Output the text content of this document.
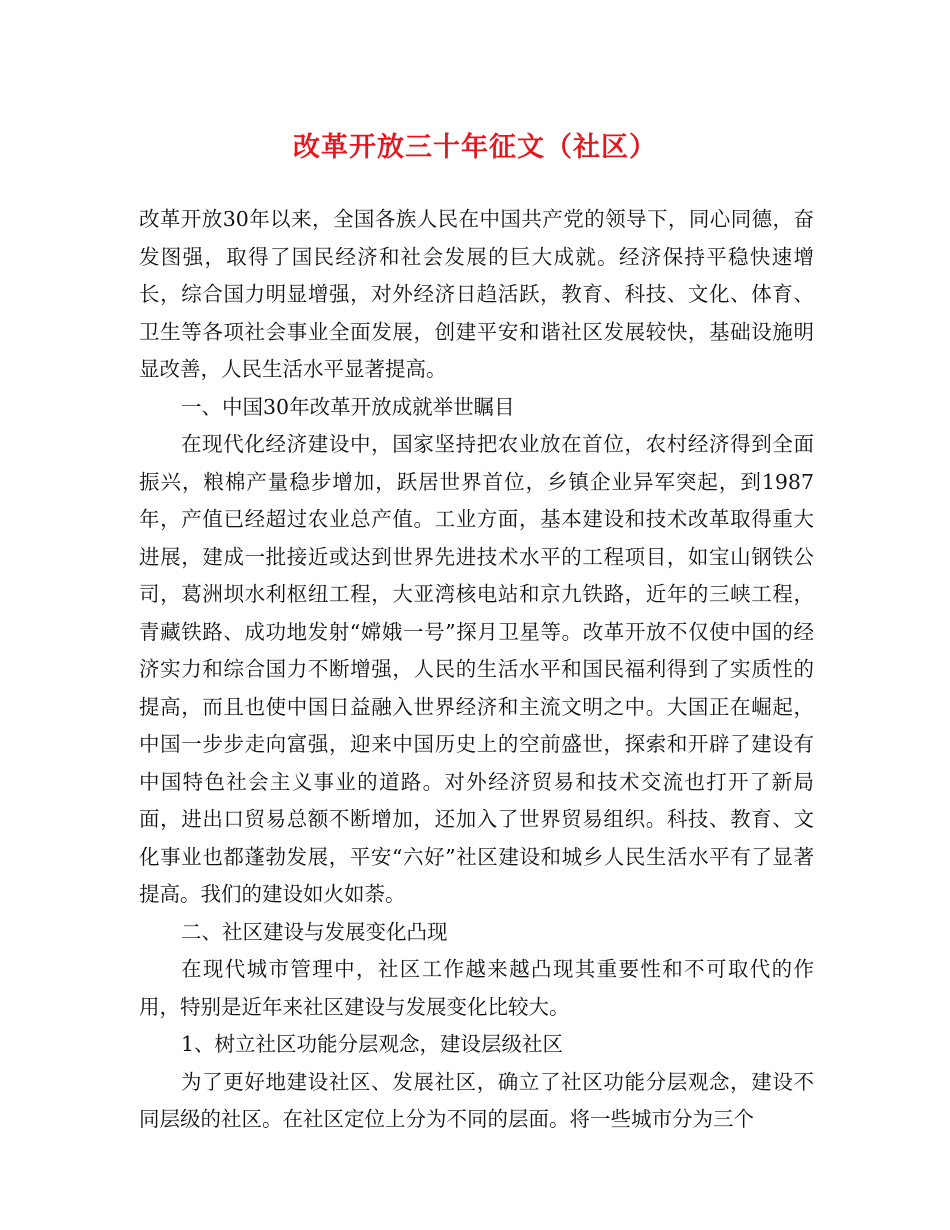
改革开放三十年征文（社区）

改革开放30年以来，全国各族人民在中国共产党的领导下，同心同德，奋发图强，取得了国民经济和社会发展的巨大成就。经济保持平稳快速增长，综合国力明显增强，对外经济日趋活跃，教育、科技、文化、体育、卫生等各项社会事业全面发展，创建平安和谐社区发展较快，基础设施明显改善，人民生活水平显著提高。

一、中国30年改革开放成就举世瞩目

在现代化经济建设中，国家坚持把农业放在首位，农村经济得到全面振兴，粮棉产量稳步增加，跃居世界首位，乡镇企业异军突起，到1987年，产值已经超过农业总产值。工业方面，基本建设和技术改革取得重大进展，建成一批接近或达到世界先进技术水平的工程项目，如宝山钢铁公司，葛洲坝水利枢纽工程，大亚湾核电站和京九铁路，近年的三峡工程，青藏铁路、成功地发射“嫦娥一号”探月卫星等。改革开放不仅使中国的经济实力和综合国力不断增强，人民的生活水平和国民福利得到了实质性的提高，而且也使中国日益融入世界经济和主流文明之中。大国正在崛起，中国一步步走向富强，迎来中国历史上的空前盛世，探索和开辟了建设有中国特色社会主义事业的道路。对外经济贸易和技术交流也打开了新局面，进出口贸易总额不断增加，还加入了世界贸易组织。科技、教育、文化事业也都蓬勃发展，平安“六好”社区建设和城乡人民生活水平有了显著提高。我们的建设如火如荼。

二、社区建设与发展变化凸现

在现代城市管理中，社区工作越来越凸现其重要性和不可取代的作用，特别是近年来社区建设与发展变化比较大。

1、树立社区功能分层观念，建设层级社区

为了更好地建设社区、发展社区，确立了社区功能分层观念，建设不同层级的社区。在社区定位上分为不同的层面。将一些城市分为三个
